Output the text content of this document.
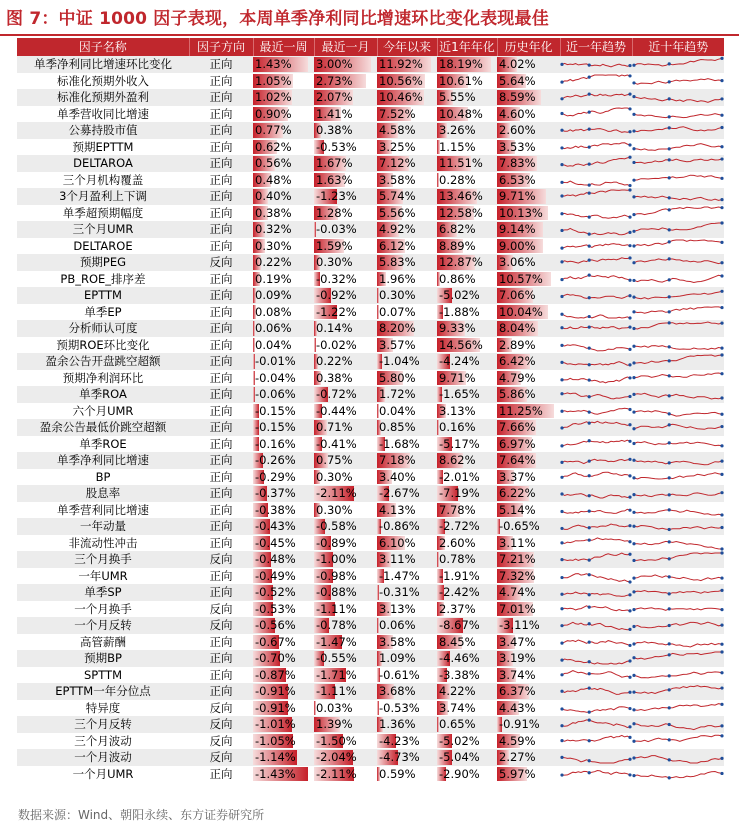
图 7：中证 1000 因子表现，本周单季净利同比增速环比变化表现最佳
因子名称	因子方向	最近一周	最近一月	今年以来	近1年年化	历史年化	近一年趋势	近十年趋势
单季净利同比增速环比变化	正向	1.43%	3.00%	11.92%	18.19%	4.02%

标准化预期外收入	正向	1.05%	2.73%	10.56%	10.61%	5.64%

标准化预期外盈利	正向	1.02%	2.07%	10.46%	5.55%	8.59%

单季营收同比增速	正向	0.90%	1.41%	7.52%	10.48%	4.60%

公募持股市值	正向	0.77%	0.38%	4.58%	3.26%	2.60%

预期EPTTM	正向	0.62%	-0.53%	3.25%	1.15%	3.53%

DELTAROA	正向	0.56%	1.67%	7.12%	11.51%	7.83%

三个月机构覆盖	正向	0.48%	1.63%	3.58%	0.28%	6.53%

3个月盈利上下调	正向	0.40%	-1.23%	5.74%	13.46%	9.71%

单季超预期幅度	正向	0.38%	1.28%	5.56%	12.58%	10.13%

三个月UMR	正向	0.32%	-0.03%	4.92%	6.82%	9.14%

DELTAROE	正向	0.30%	1.59%	6.12%	8.89%	9.00%

预期PEG	反向	0.22%	0.30%	5.83%	12.87%	3.06%

PB_ROE_排序差	正向	0.19%	-0.32%	1.96%	0.86%	10.57%

EPTTM	正向	0.09%	-0.92%	0.30%	-5.02%	7.06%

单季EP	正向	0.08%	-1.22%	0.07%	-1.88%	10.04%

分析师认可度	正向	0.06%	0.14%	8.20%	9.33%	8.04%

预期ROE环比变化	正向	0.04%	-0.02%	3.57%	14.56%	2.89%

盈余公告开盘跳空超额	正向	-0.01%	0.22%	-1.04%	-4.24%	6.42%

预期净利润环比	正向	-0.04%	0.38%	5.80%	9.71%	4.79%

单季ROA	正向	-0.06%	-0.72%	1.72%	-1.65%	5.86%

六个月UMR	正向	-0.15%	-0.44%	0.04%	3.13%	11.25%

盈余公告最低价跳空超额	正向	-0.15%	0.71%	0.85%	0.16%	7.66%

单季ROE	正向	-0.16%	-0.41%	-1.68%	-5.17%	6.97%

单季净利同比增速	正向	-0.26%	0.75%	7.18%	8.62%	7.64%

BP	正向	-0.29%	0.30%	3.40%	-2.01%	3.37%

股息率	正向	-0.37%	-2.11%	-2.67%	-7.19%	6.22%

单季营利同比增速	正向	-0.38%	0.30%	4.13%	7.78%	5.14%

一年动量	正向	-0.43%	-0.58%	-0.86%	-2.72%	-0.65%

非流动性冲击	正向	-0.45%	-0.89%	6.10%	2.60%	3.11%

三个月换手	反向	-0.48%	-1.00%	3.11%	0.78%	7.21%

一年UMR	正向	-0.49%	-0.98%	-1.47%	-1.91%	7.32%

单季SP	正向	-0.52%	-0.88%	-0.31%	-2.42%	4.74%

一个月换手	反向	-0.53%	-1.11%	3.13%	2.37%	7.01%

一个月反转	反向	-0.56%	-0.78%	0.06%	-8.67%	-3.11%

高管薪酬	正向	-0.67%	-1.47%	3.58%	8.45%	3.47%

预期BP	正向	-0.70%	-0.55%	1.09%	-4.46%	3.19%

SPTTM	正向	-0.87%	-1.71%	-0.61%	-3.38%	3.74%

EPTTM一年分位点	正向	-0.91%	-1.11%	3.68%	4.22%	6.37%

特异度	反向	-0.91%	0.03%	-0.53%	3.74%	4.43%

三个月反转	反向	-1.01%	1.39%	1.36%	0.65%	-0.91%

三个月波动	反向	-1.05%	-1.50%	-4.23%	-5.02%	4.59%

一个月波动	反向	-1.14%	-2.04%	-4.73%	-5.04%	2.27%

一个月UMR	正向	-1.43%	-2.11%	0.59%	-2.90%	5.97%

数据来源：Wind、朝阳永续、东方证券研究所
